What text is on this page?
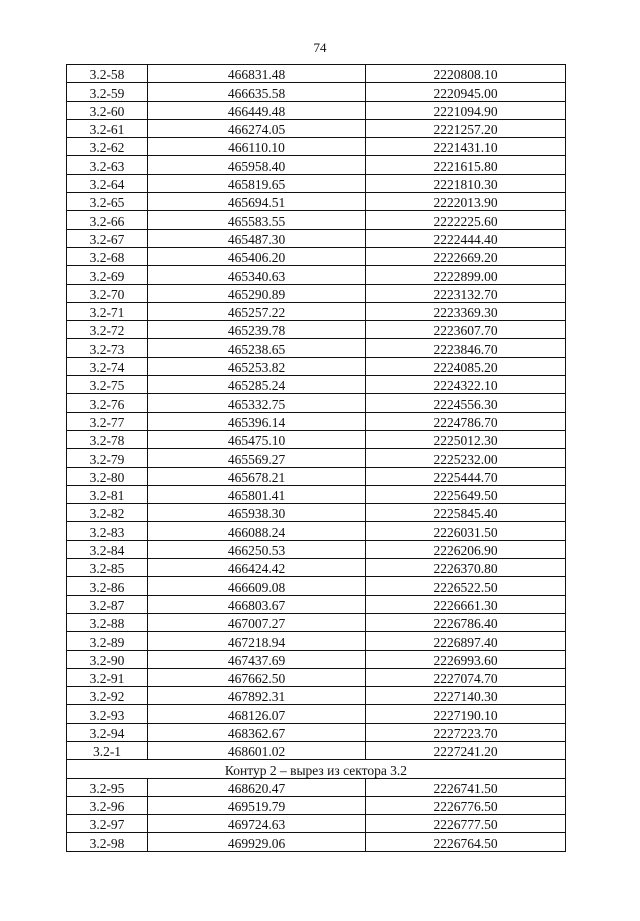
74
3.2-58	466831.48	2220808.10
3.2-59	466635.58	2220945.00
3.2-60	466449.48	2221094.90
3.2-61	466274.05	2221257.20
3.2-62	466110.10	2221431.10
3.2-63	465958.40	2221615.80
3.2-64	465819.65	2221810.30
3.2-65	465694.51	2222013.90
3.2-66	465583.55	2222225.60
3.2-67	465487.30	2222444.40
3.2-68	465406.20	2222669.20
3.2-69	465340.63	2222899.00
3.2-70	465290.89	2223132.70
3.2-71	465257.22	2223369.30
3.2-72	465239.78	2223607.70
3.2-73	465238.65	2223846.70
3.2-74	465253.82	2224085.20
3.2-75	465285.24	2224322.10
3.2-76	465332.75	2224556.30
3.2-77	465396.14	2224786.70
3.2-78	465475.10	2225012.30
3.2-79	465569.27	2225232.00
3.2-80	465678.21	2225444.70
3.2-81	465801.41	2225649.50
3.2-82	465938.30	2225845.40
3.2-83	466088.24	2226031.50
3.2-84	466250.53	2226206.90
3.2-85	466424.42	2226370.80
3.2-86	466609.08	2226522.50
3.2-87	466803.67	2226661.30
3.2-88	467007.27	2226786.40
3.2-89	467218.94	2226897.40
3.2-90	467437.69	2226993.60
3.2-91	467662.50	2227074.70
3.2-92	467892.31	2227140.30
3.2-93	468126.07	2227190.10
3.2-94	468362.67	2227223.70
3.2-1	468601.02	2227241.20
Контур 2 – вырез из сектора 3.2		
3.2-95	468620.47	2226741.50
3.2-96	469519.79	2226776.50
3.2-97	469724.63	2226777.50
3.2-98	469929.06	2226764.50
